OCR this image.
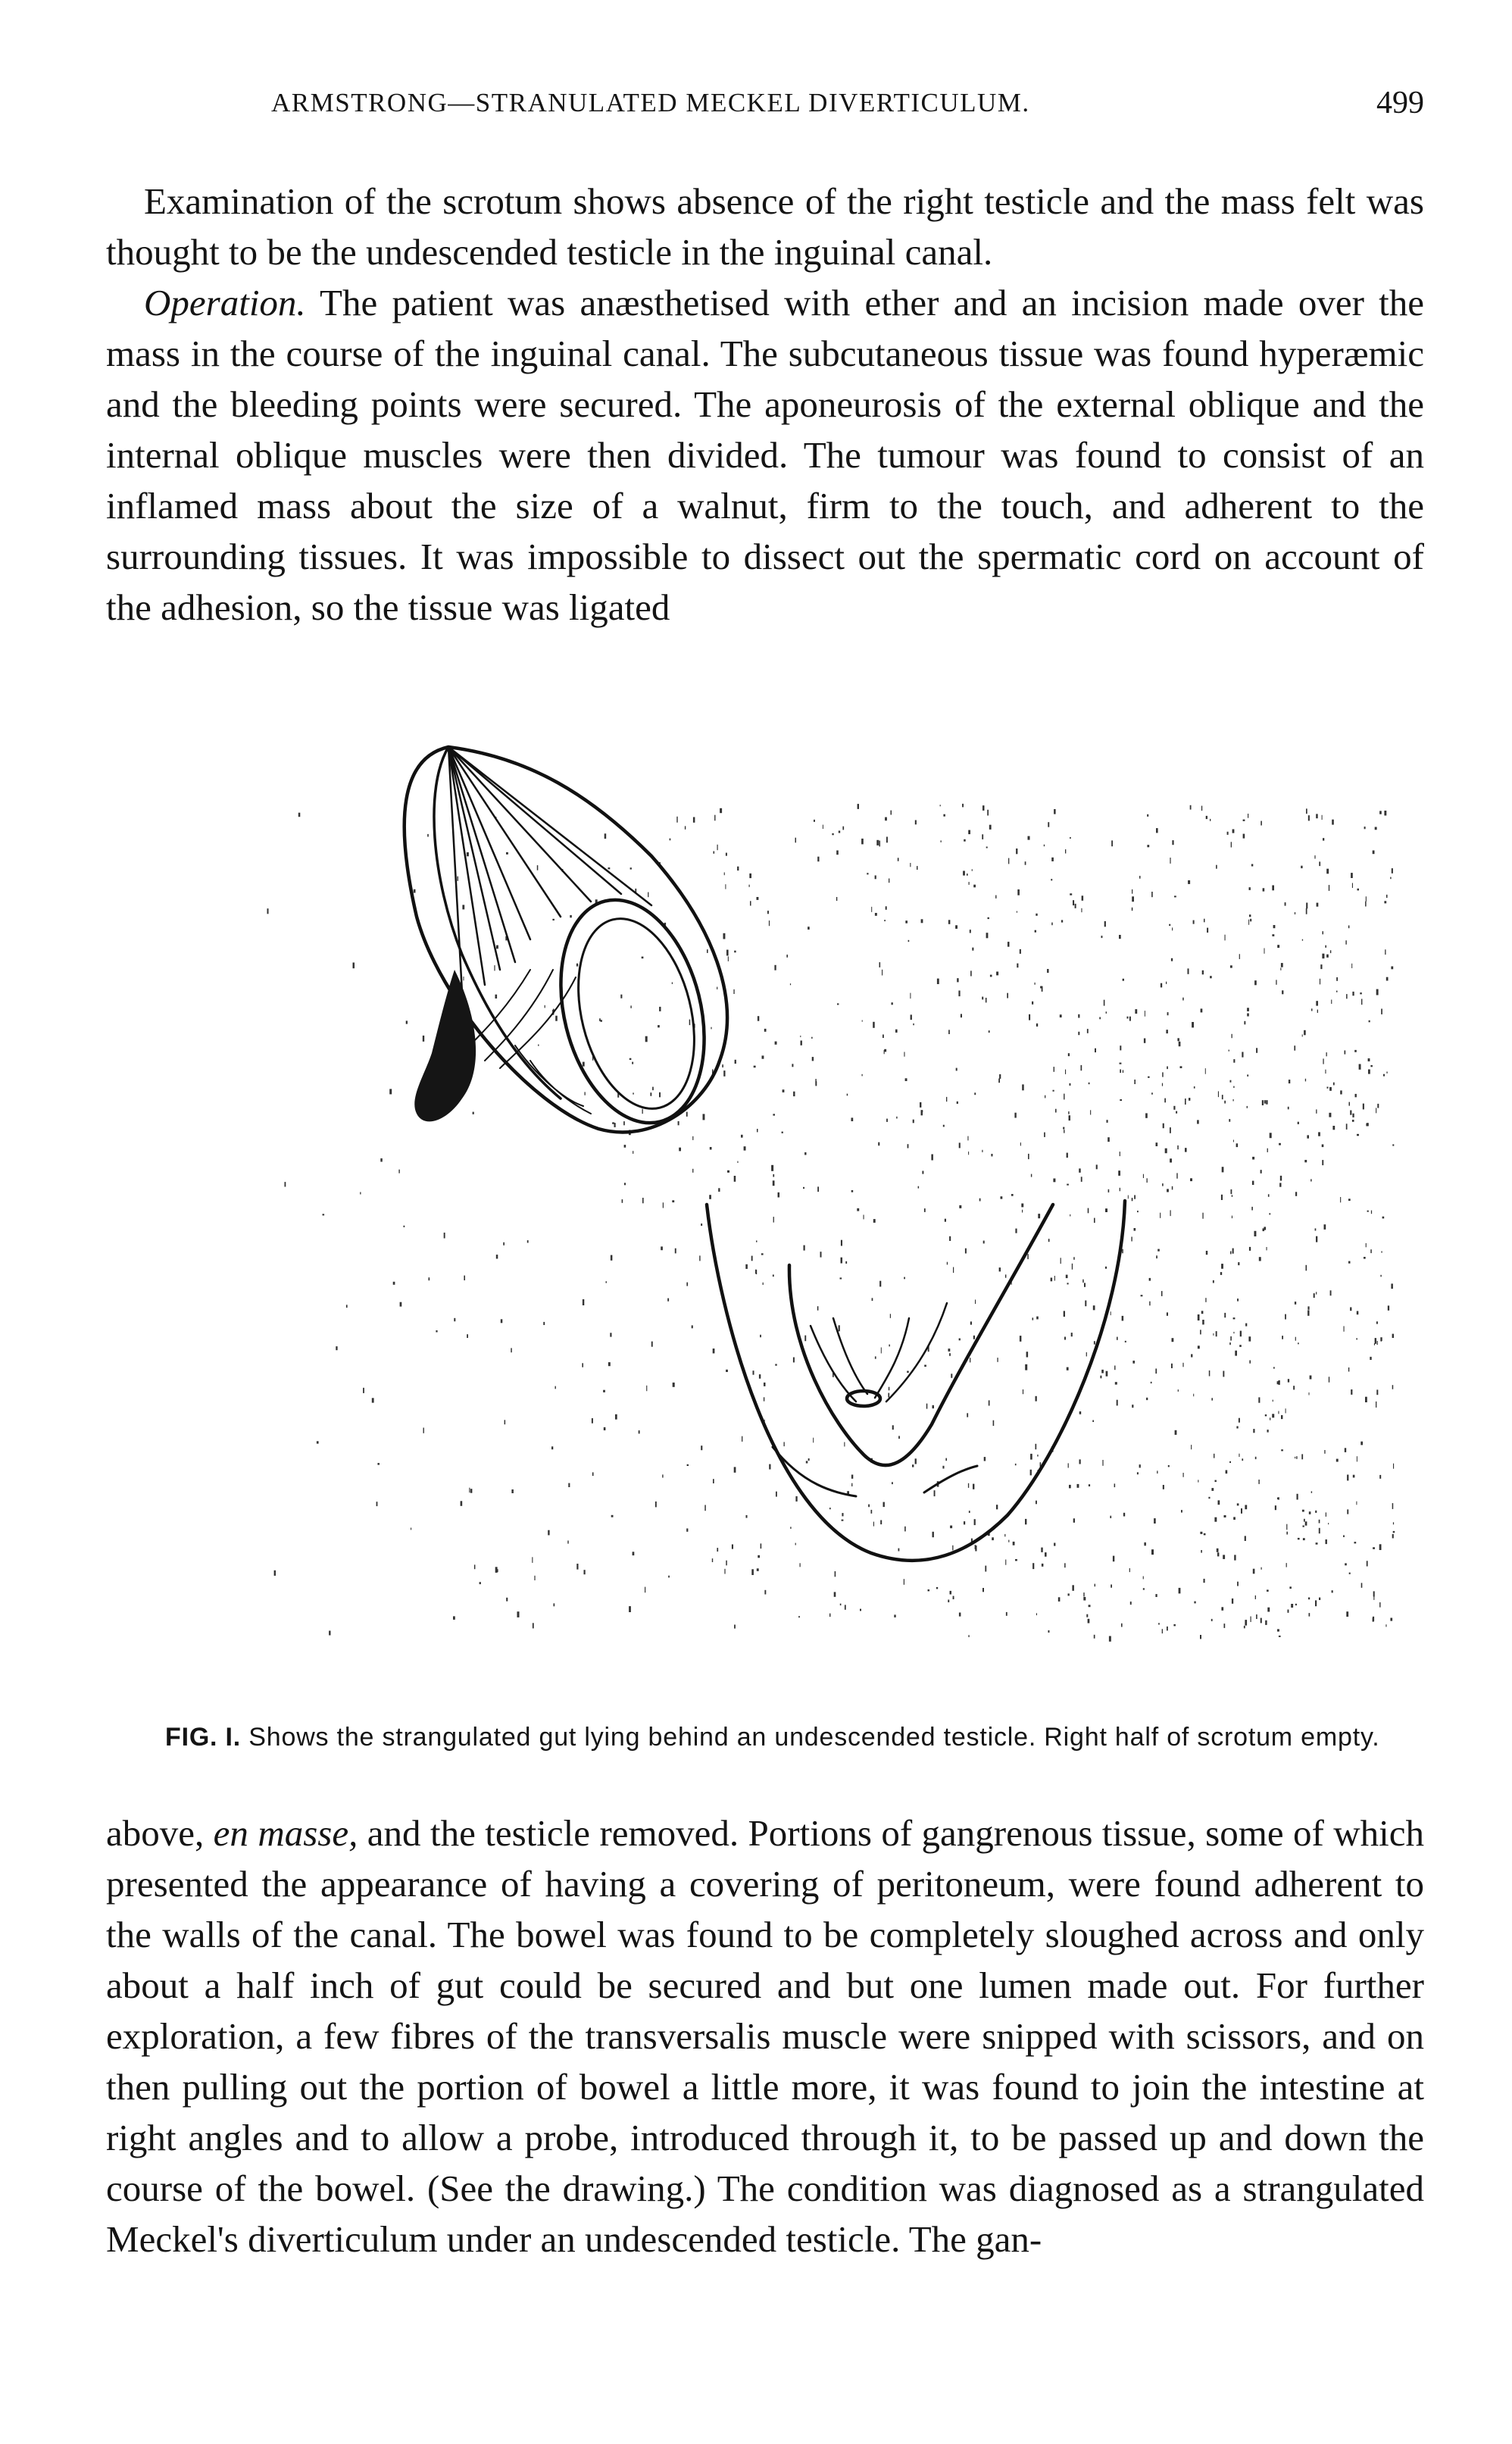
ARMSTRONG—STRANULATED MECKEL DIVERTICULUM.	499

Examination of the scrotum shows absence of the right testicle and the mass felt was thought to be the undescended testicle in the inguinal canal.

Operation. The patient was anæsthetised with ether and an incision made over the mass in the course of the inguinal canal. The subcutaneous tissue was found hyperæmic and the bleeding points were secured. The aponeurosis of the external oblique and the internal oblique muscles were then divided. The tumour was found to consist of an inflamed mass about the size of a walnut, firm to the touch, and adherent to the surrounding tissues. It was impossible to dissect out the spermatic cord on account of the adhesion, so the tissue was ligated

FIG. I. Shows the strangulated gut lying behind an undescended testicle. Right half of scrotum empty.

above, en masse, and the testicle removed. Portions of gangrenous tissue, some of which presented the appearance of having a covering of peritoneum, were found adherent to the walls of the canal. The bowel was found to be completely sloughed across and only about a half inch of gut could be secured and but one lumen made out. For further exploration, a few fibres of the transversalis muscle were snipped with scissors, and on then pulling out the portion of bowel a little more, it was found to join the intestine at right angles and to allow a probe, introduced through it, to be passed up and down the course of the bowel. (See the drawing.) The condition was diagnosed as a strangulated Meckel's diverticulum under an undescended testicle. The gan-
